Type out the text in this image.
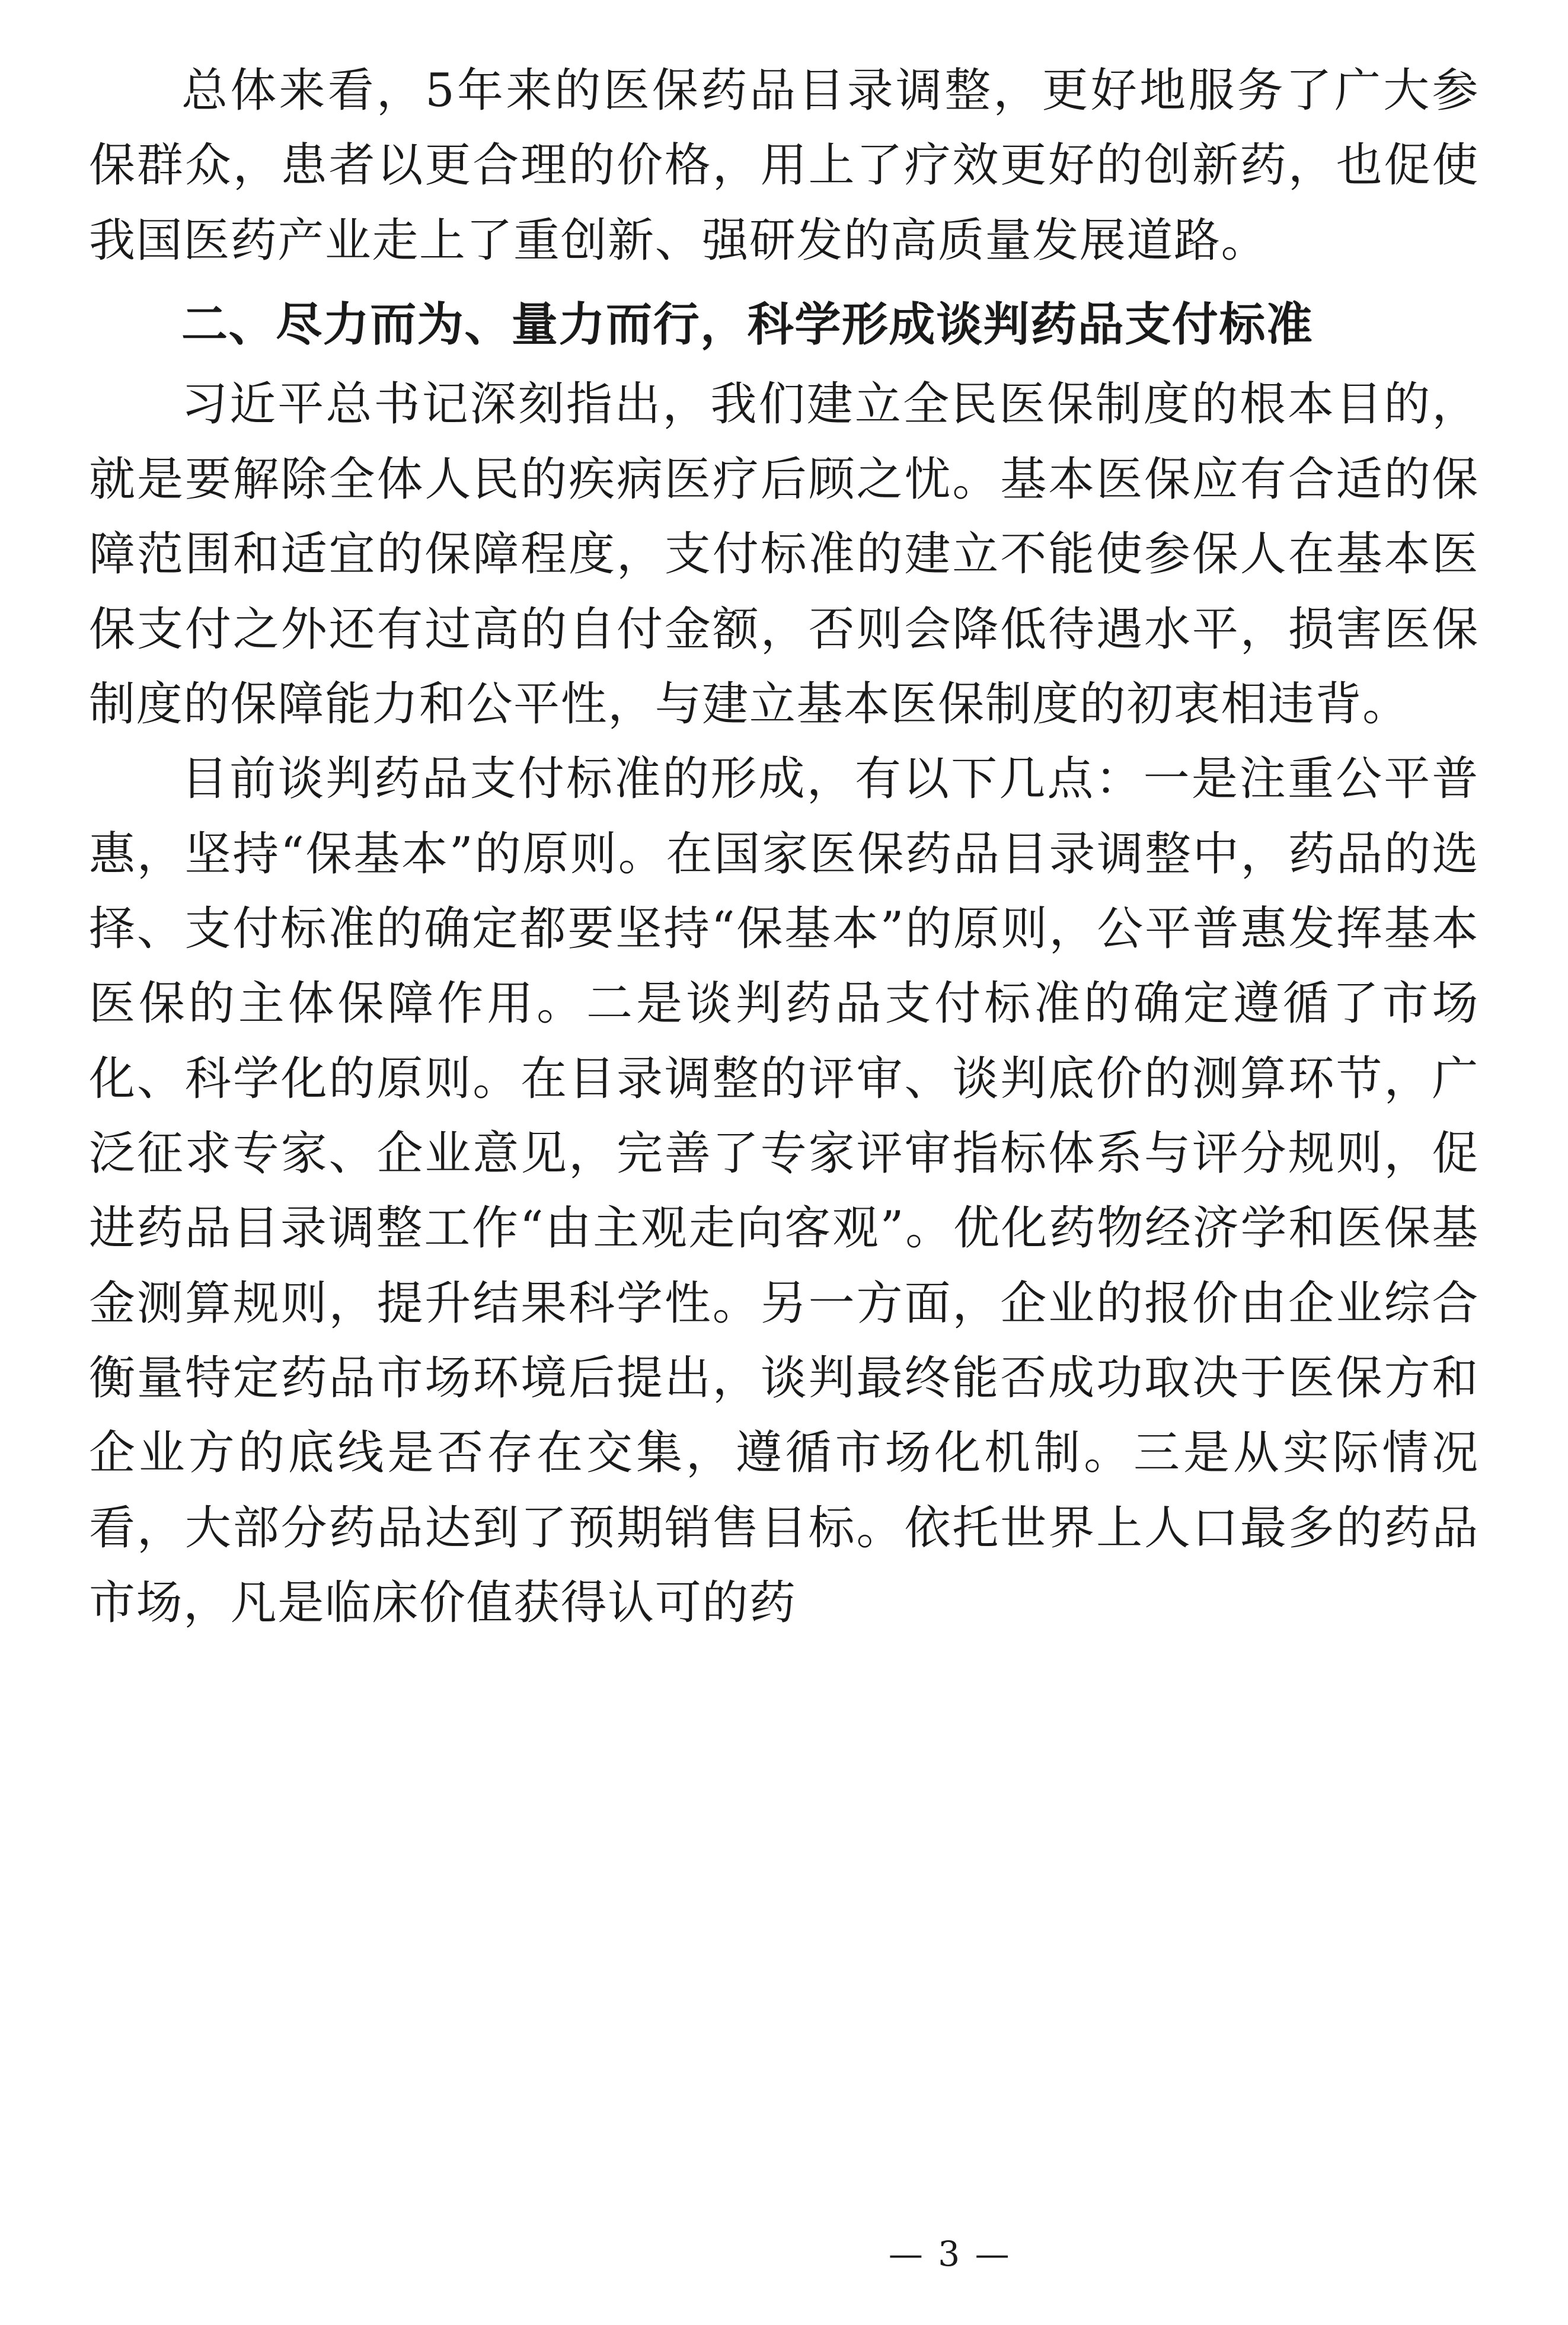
总体来看，5年来的医保药品目录调整，更好地服务了广大参保群众，患者以更合理的价格，用上了疗效更好的创新药，也促使我国医药产业走上了重创新、强研发的高质量发展道路。

二、尽力而为、量力而行，科学形成谈判药品支付标准

习近平总书记深刻指出，我们建立全民医保制度的根本目的，就是要解除全体人民的疾病医疗后顾之忧。基本医保应有合适的保障范围和适宜的保障程度，支付标准的建立不能使参保人在基本医保支付之外还有过高的自付金额，否则会降低待遇水平，损害医保制度的保障能力和公平性，与建立基本医保制度的初衷相违背。

目前谈判药品支付标准的形成，有以下几点：一是注重公平普惠，坚持“保基本”的原则。在国家医保药品目录调整中，药品的选择、支付标准的确定都要坚持“保基本”的原则，公平普惠发挥基本医保的主体保障作用。二是谈判药品支付标准的确定遵循了市场化、科学化的原则。在目录调整的评审、谈判底价的测算环节，广泛征求专家、企业意见，完善了专家评审指标体系与评分规则，促进药品目录调整工作“由主观走向客观”。优化药物经济学和医保基金测算规则，提升结果科学性。另一方面，企业的报价由企业综合衡量特定药品市场环境后提出，谈判最终能否成功取决于医保方和企业方的底线是否存在交集，遵循市场化机制。三是从实际情况看，大部分药品达到了预期销售目标。依托世界上人口最多的药品市场，凡是临床价值获得认可的药

— 3 —
